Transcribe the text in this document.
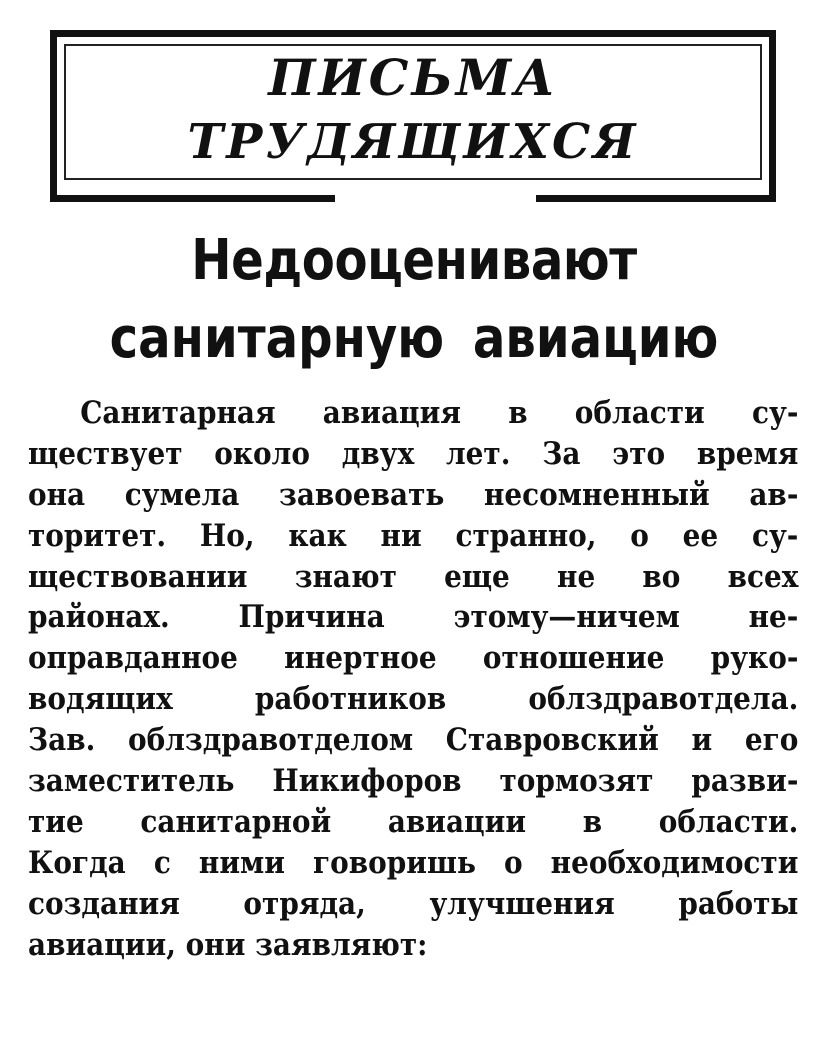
ПИСЬМА
ТРУДЯЩИХСЯ
Недооценивают
санитарную авиацию
Санитарная авиация в области су-
ществует около двух лет. За это время
она сумела завоевать несомненный ав-
торитет. Но, как ни странно, о ее су-
ществовании знают еще не во всех
районах. Причина этому—ничем не-
оправданное инертное отношение руко-
водящих работников облздравотдела.
Зав. облздравотделом Ставровский и его
заместитель Никифоров тормозят разви-
тие санитарной авиации в области.
Когда с ними говоришь о необходимости
создания отряда, улучшения работы
авиации, они заявляют:
